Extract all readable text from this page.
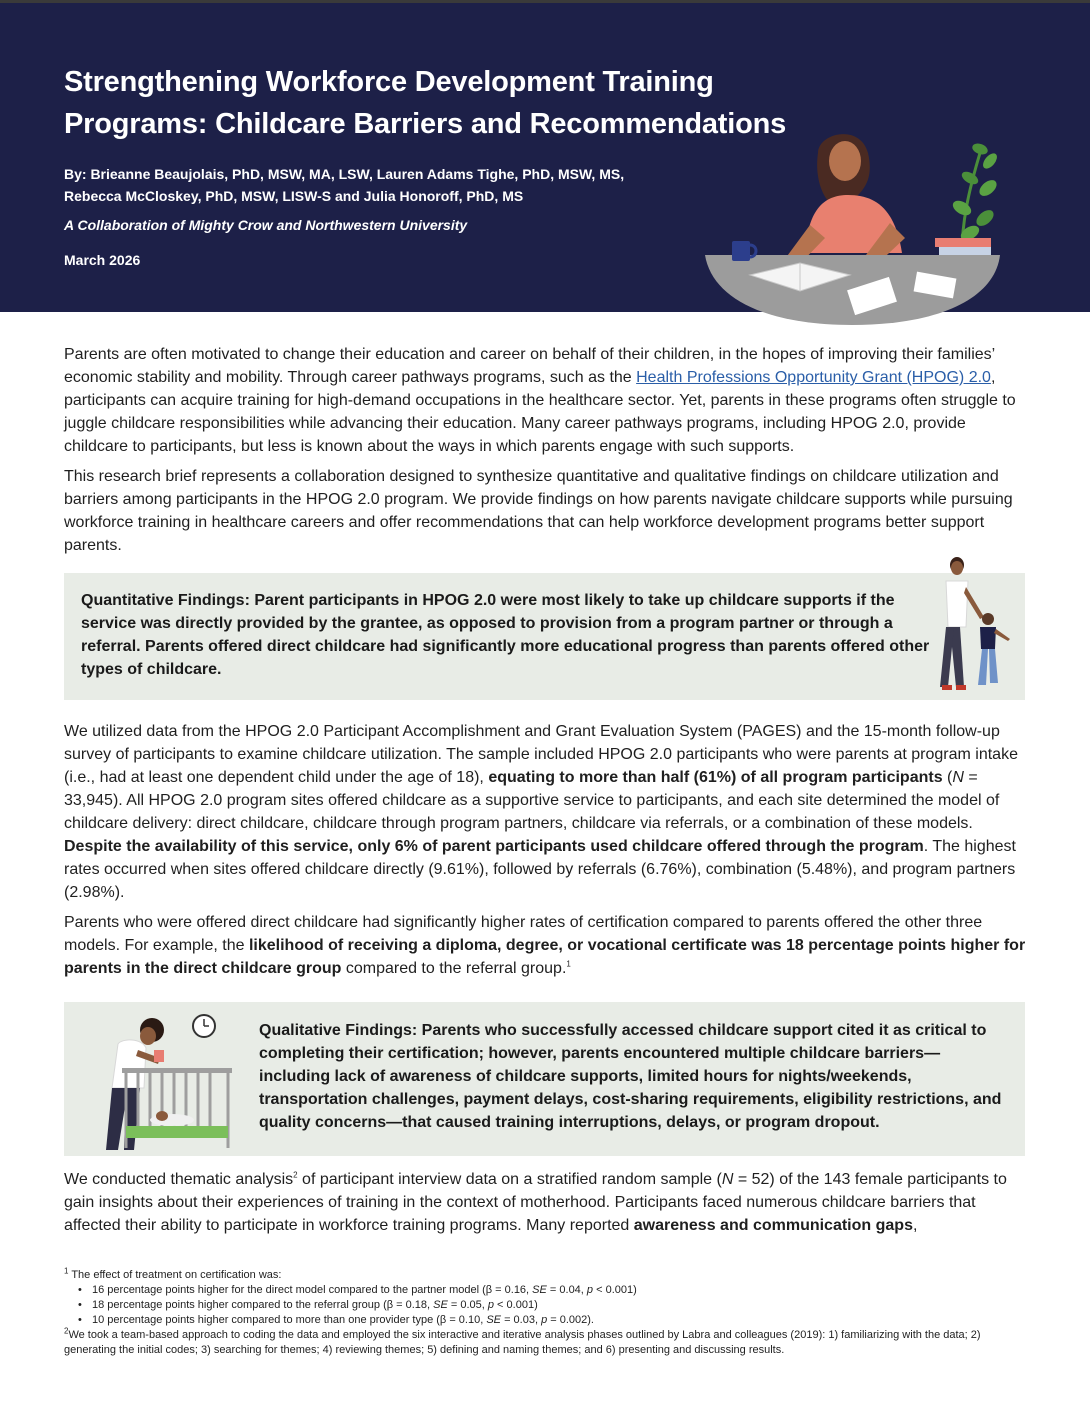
Strengthening Workforce Development Training Programs: Childcare Barriers and Recommendations
By: Brieanne Beaujolais, PhD, MSW, MA, LSW, Lauren Adams Tighe, PhD, MSW, MS,
Rebecca McCloskey, PhD, MSW, LISW-S and Julia Honoroff, PhD, MS
A Collaboration of Mighty Crow and Northwestern University
March 2026

Parents are often motivated to change their education and career on behalf of their children, in the hopes of improving their families’ economic stability and mobility. Through career pathways programs, such as the Health Professions Opportunity Grant (HPOG) 2.0, participants can acquire training for high-demand occupations in the healthcare sector. Yet, parents in these programs often struggle to juggle childcare responsibilities while advancing their education. Many career pathways programs, including HPOG 2.0, provide childcare to participants, but less is known about the ways in which parents engage with such supports.

This research brief represents a collaboration designed to synthesize quantitative and qualitative findings on childcare utilization and barriers among participants in the HPOG 2.0 program. We provide findings on how parents navigate childcare supports while pursuing workforce training in healthcare careers and offer recommendations that can help workforce development programs better support parents.

Quantitative Findings: Parent participants in HPOG 2.0 were most likely to take up childcare supports if the service was directly provided by the grantee, as opposed to provision from a program partner or through a referral. Parents offered direct childcare had significantly more educational progress than parents offered other types of childcare.

We utilized data from the HPOG 2.0 Participant Accomplishment and Grant Evaluation System (PAGES) and the 15-month follow-up survey of participants to examine childcare utilization. The sample included HPOG 2.0 participants who were parents at program intake (i.e., had at least one dependent child under the age of 18), equating to more than half (61%) of all program participants (N = 33,945). All HPOG 2.0 program sites offered childcare as a supportive service to participants, and each site determined the model of childcare delivery: direct childcare, childcare through program partners, childcare via referrals, or a combination of these models. Despite the availability of this service, only 6% of parent participants used childcare offered through the program. The highest rates occurred when sites offered childcare directly (9.61%), followed by referrals (6.76%), combination (5.48%), and program partners (2.98%).

Parents who were offered direct childcare had significantly higher rates of certification compared to parents offered the other three models. For example, the likelihood of receiving a diploma, degree, or vocational certificate was 18 percentage points higher for parents in the direct childcare group compared to the referral group.$^1$

Qualitative Findings: Parents who successfully accessed childcare support cited it as critical to completing their certification; however, parents encountered multiple childcare barriers—including lack of awareness of childcare supports, limited hours for nights/weekends, transportation challenges, payment delays, cost-sharing requirements, eligibility restrictions, and quality concerns—that caused training interruptions, delays, or program dropout.

We conducted thematic analysis$^2$ of participant interview data on a stratified random sample (N = 52) of the 143 female participants to gain insights about their experiences of training in the context of motherhood. Participants faced numerous childcare barriers that affected their ability to participate in workforce training programs. Many reported awareness and communication gaps,

$^1$ The effect of treatment on certification was:

• 16 percentage points higher for the direct model compared to the partner model (β = 0.16, SE = 0.04, p < 0.001)
• 18 percentage points higher compared to the referral group (β = 0.18, SE = 0.05, p < 0.001)
• 10 percentage points higher compared to more than one provider type (β = 0.10, SE = 0.03, p = 0.002).

$^2$We took a team-based approach to coding the data and employed the six interactive and iterative analysis phases outlined by Labra and colleagues (2019): 1) familiarizing with the data; 2) generating the initial codes; 3) searching for themes; 4) reviewing themes; 5) defining and naming themes; and 6) presenting and discussing results.
